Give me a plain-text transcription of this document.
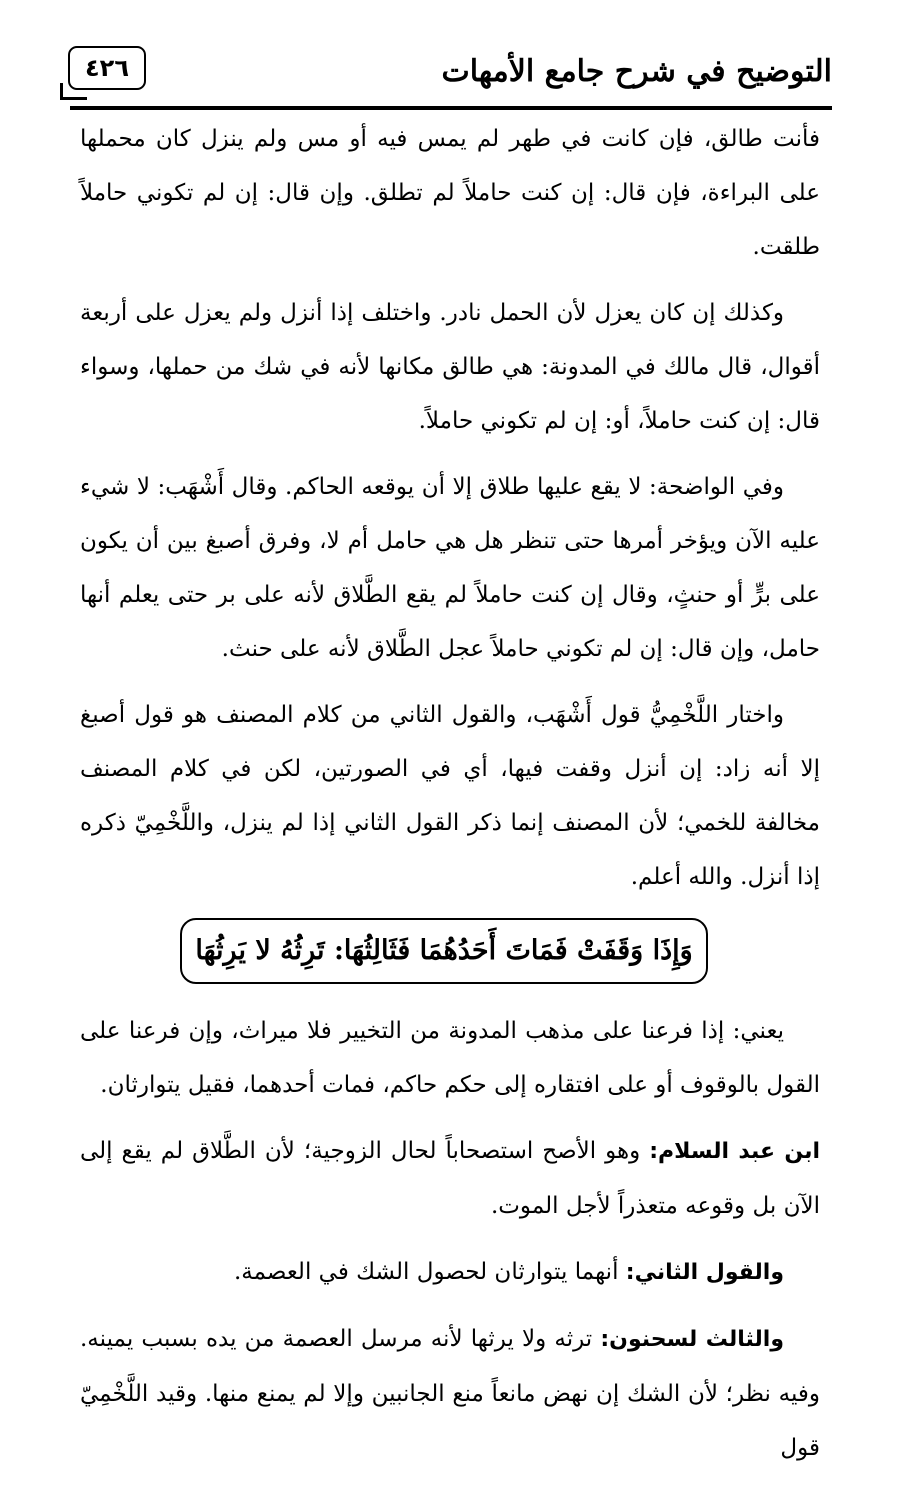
التوضيح في شرح جامع الأمهات
٤٢٦

فأنت طالق، فإن كانت في طهر لم يمس فيه أو مس ولم ينزل كان محملها على البراءة، فإن قال: إن كنت حاملاً لم تطلق. وإن قال: إن لم تكوني حاملاً طلقت.

وكذلك إن كان يعزل لأن الحمل نادر. واختلف إذا أنزل ولم يعزل على أربعة أقوال، قال مالك في المدونة: هي طالق مكانها لأنه في شك من حملها، وسواء قال: إن كنت حاملاً، أو: إن لم تكوني حاملاً.

وفي الواضحة: لا يقع عليها طلاق إلا أن يوقعه الحاكم. وقال أَشْهَب: لا شيء عليه الآن ويؤخر أمرها حتى تنظر هل هي حامل أم لا، وفرق أصبغ بين أن يكون على برٍّ أو حنثٍ، وقال إن كنت حاملاً لم يقع الطَّلاق لأنه على بر حتى يعلم أنها حامل، وإن قال: إن لم تكوني حاملاً عجل الطَّلاق لأنه على حنث.

واختار اللَّخْمِيُّ قول أَشْهَب، والقول الثاني من كلام المصنف هو قول أصبغ إلا أنه زاد: إن أنزل وقفت فيها، أي في الصورتين، لكن في كلام المصنف مخالفة للخمي؛ لأن المصنف إنما ذكر القول الثاني إذا لم ينزل، واللَّخْمِيّ ذكره إذا أنزل. والله أعلم.

وَإِذَا وَقَفَتْ فَمَاتَ أَحَدُهُمَا فَثَالِثُهَا: تَرِثُهُ لا يَرِثُهَا

يعني: إذا فرعنا على مذهب المدونة من التخيير فلا ميراث، وإن فرعنا على القول بالوقوف أو على افتقاره إلى حكم حاكم، فمات أحدهما، فقيل يتوارثان.

ابن عبد السلام: وهو الأصح استصحاباً لحال الزوجية؛ لأن الطَّلاق لم يقع إلى الآن بل وقوعه متعذراً لأجل الموت.

والقول الثاني: أنهما يتوارثان لحصول الشك في العصمة.

والثالث لسحنون: ترثه ولا يرثها لأنه مرسل العصمة من يده بسبب يمينه. وفيه نظر؛ لأن الشك إن نهض مانعاً منع الجانبين وإلا لم يمنع منها. وقيد اللَّخْمِيّ قول
